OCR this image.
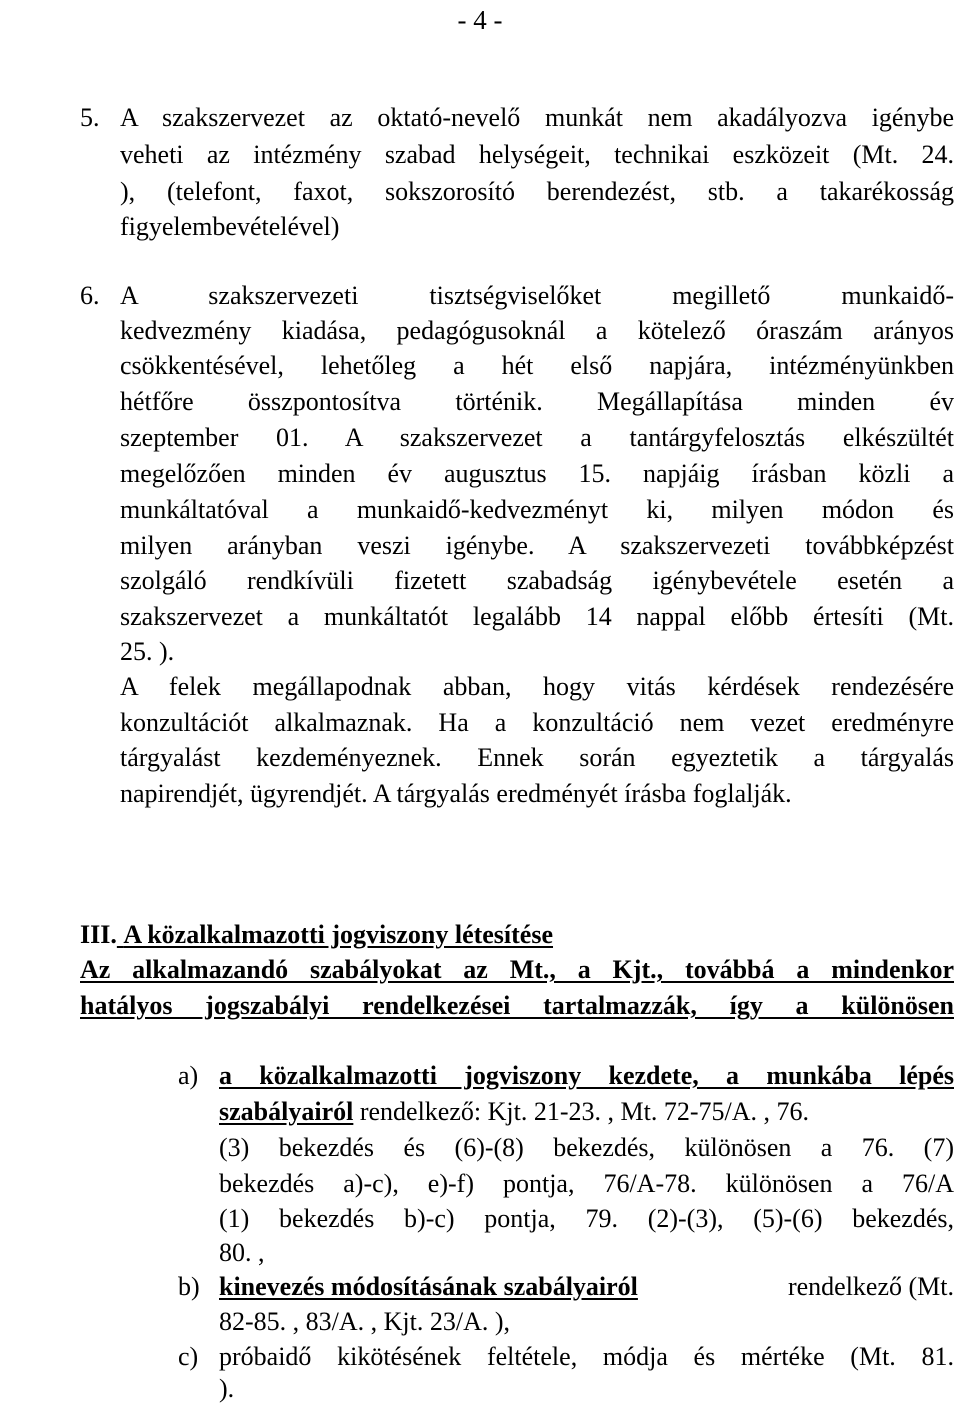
- 4 -
5. A szakszervezet az oktató-nevelő munkát nem akadályozva igénybe
veheti az intézmény szabad helységeit, technikai eszközeit (Mt. 24.
), (telefont, faxot, sokszorosító berendezést, stb. a takarékosság
figyelembevételével)
6. A szakszervezeti tisztségviselőket megillető munkaidő-
kedvezmény kiadása, pedagógusoknál a kötelező óraszám arányos
csökkentésével, lehetőleg a hét első napjára, intézményünkben
hétfőre összpontosítva történik. Megállapítása minden év
szeptember 01. A szakszervezet a tantárgyfelosztás elkészültét
megelőzően minden év augusztus 15. napjáig írásban közli a
munkáltatóval a munkaidő-kedvezményt ki, milyen módon és
milyen arányban veszi igénybe. A szakszervezeti továbbképzést
szolgáló rendkívüli fizetett szabadság igénybevétele esetén a
szakszervezet a munkáltatót legalább 14 nappal előbb értesíti (Mt.
25. ).
A felek megállapodnak abban, hogy vitás kérdések rendezésére
konzultációt alkalmaznak. Ha a konzultáció nem vezet eredményre
tárgyalást kezdeményeznek. Ennek során egyeztetik a tárgyalás
napirendjét, ügyrendjét. A tárgyalás eredményét írásba foglalják.
III. A közalkalmazotti jogviszony létesítése
Az alkalmazandó szabályokat az Mt., a Kjt., továbbá a mindenkor
hatályos jogszabályi rendelkezései tartalmazzák, így a különösen
a) a közalkalmazotti jogviszony kezdete, a munkába lépés
szabályairól rendelkező: Kjt. 21-23. , Mt. 72-75/A. , 76.
(3) bekezdés és (6)-(8) bekezdés, különösen a 76. (7)
bekezdés a)-c), e)-f) pontja, 76/A-78. különösen a 76/A
(1) bekezdés b)-c) pontja, 79. (2)-(3), (5)-(6) bekezdés,
80. ,
b) kinevezés módosításának szabályairól	rendelkező (Mt.
82-85. , 83/A. , Kjt. 23/A. ),
c) próbaidő kikötésének feltétele, módja és mértéke (Mt. 81.
).
